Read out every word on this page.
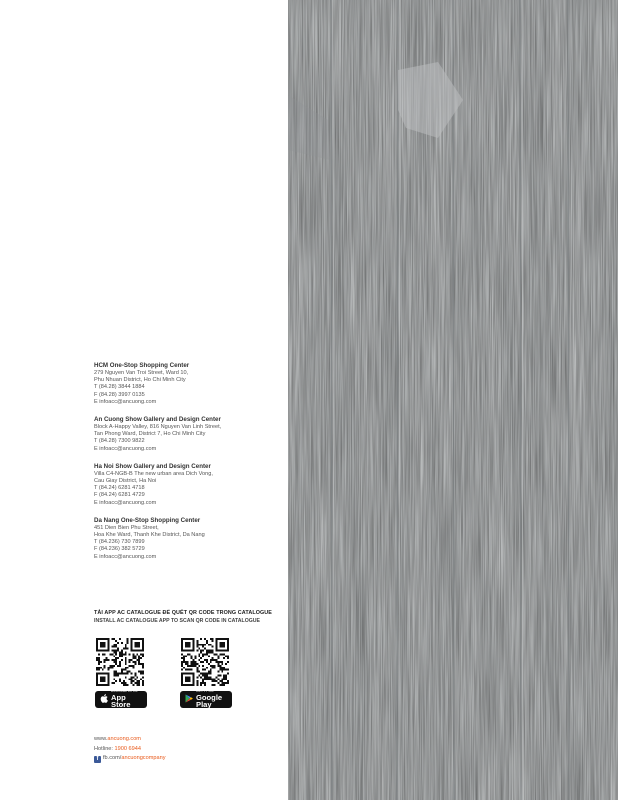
HCM One-Stop Shopping Center
279 Nguyen Van Troi Street, Ward 10,
Phu Nhuan District, Ho Chi Minh City
T (84.28) 3844 1884
F (84.28) 3997 0135
E infoacc@ancuong.com
An Cuong Show Gallery and Design Center
Block A-Happy Valley, 816 Nguyen Van Linh Street,
Tan Phong Ward, District 7, Ho Chi Minh City
T (84.28) 7300 9822
E infoacc@ancuong.com
Ha Noi Show Gallery and Design Center
Villa C4-NGB-B The new urban area Dich Vong,
Cau Giay District, Ha Noi
T (84.24) 6281 4718
F (84.24) 6281 4729
E infoacc@ancuong.com
Da Nang One-Stop Shopping Center
451 Dien Bien Phu Street,
Hoa Khe Ward, Thanh Khe District, Da Nang
T (84.236) 730 7899
F (84.236) 382 5729
E infoacc@ancuong.com
TẢI APP AC CATALOGUE ĐỂ QUÉT QR CODE TRONG CATALOGUE
INSTALL AC CATALOGUE APP TO SCAN QR CODE IN CATALOGUE
Download on the
App Store
GET IT ON
Google Play
www.ancuong.com
Hotline: 1900 6944
f fb.com/ancuongcompany
